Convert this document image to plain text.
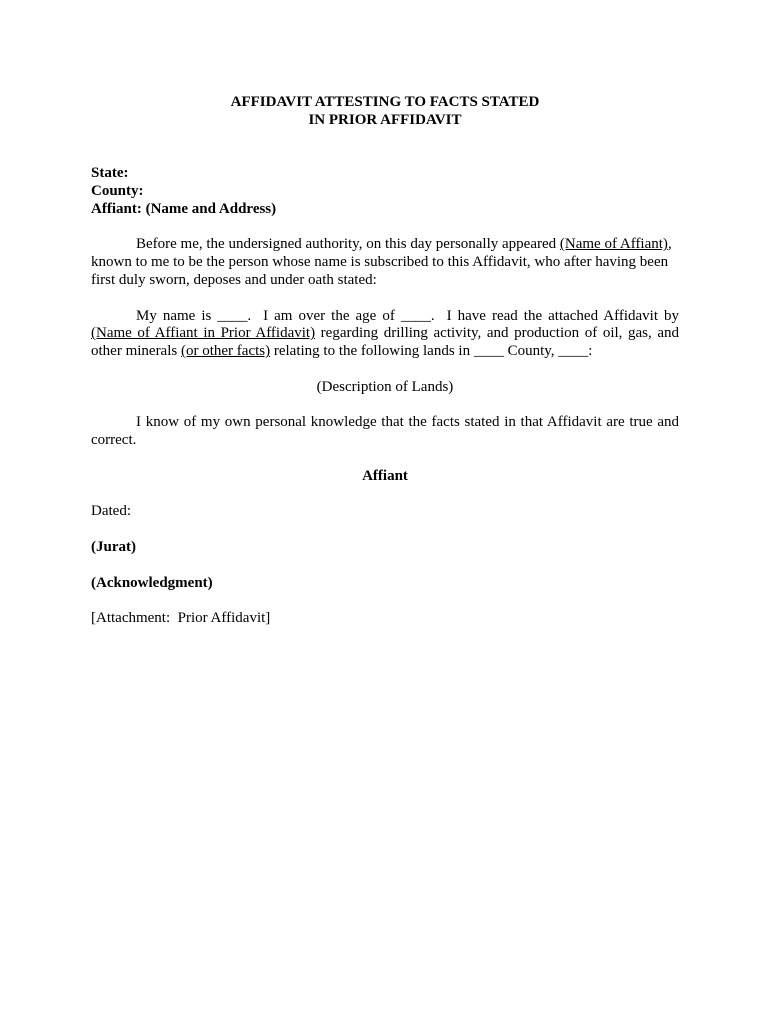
AFFIDAVIT ATTESTING TO FACTS STATED
IN PRIOR AFFIDAVIT
State:
County:
Affiant: (Name and Address)

Before me, the undersigned authority, on this day personally appeared (Name of Affiant), known to me to be the person whose name is subscribed to this Affidavit, who after having been first duly sworn, deposes and under oath stated:

My name is ____.  I am over the age of ____.  I have read the attached Affidavit by (Name of Affiant in Prior Affidavit) regarding drilling activity, and production of oil, gas, and other minerals (or other facts) relating to the following lands in ____ County, ____:

(Description of Lands)

I know of my own personal knowledge that the facts stated in that Affidavit are true and correct.

Affiant
Dated:
(Jurat)
(Acknowledgment)
[Attachment:  Prior Affidavit]
